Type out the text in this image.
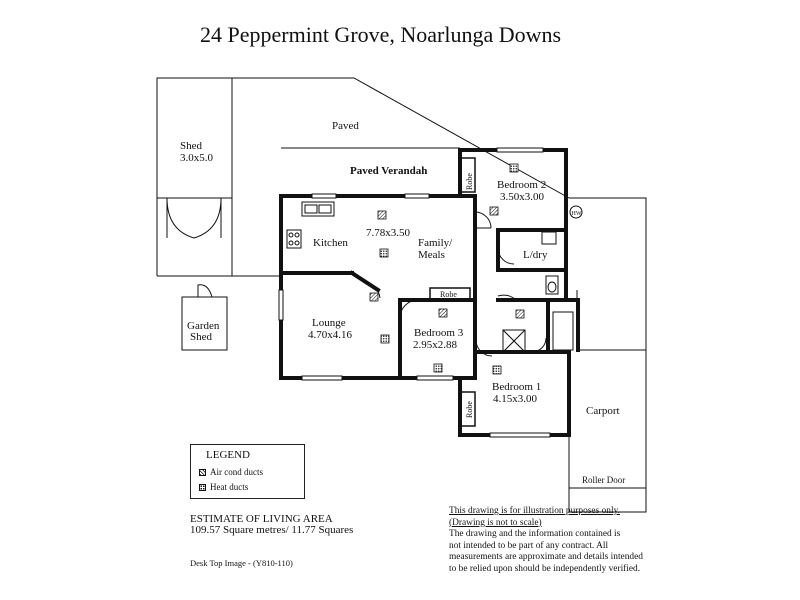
24 Peppermint Grove, Noarlunga Downs
Paved
Paved Verandah
Shed
3.0x5.0
Garden
Shed
Kitchen
7.78x3.50
Family/
Meals
Lounge
4.70x4.16
Bedroom 2
3.50x3.00
Robe
HW
L/dry
Robe
Bedroom 3
2.95x2.88
Bedroom 1
4.15x3.00
Robe	Carport
Roller Door
LEGEND
Air cond ducts
Heat ducts
ESTIMATE OF LIVING AREA
109.57 Square metres/ 11.77 Squares
This drawing is for illustration purposes only.
(Drawing is not to scale)
The drawing and the information contained is
not intended to be part of any contract. All
measurements are approximate and details intended
to be relied upon should be independently verified.
Desk Top Image - (Y810-110)
